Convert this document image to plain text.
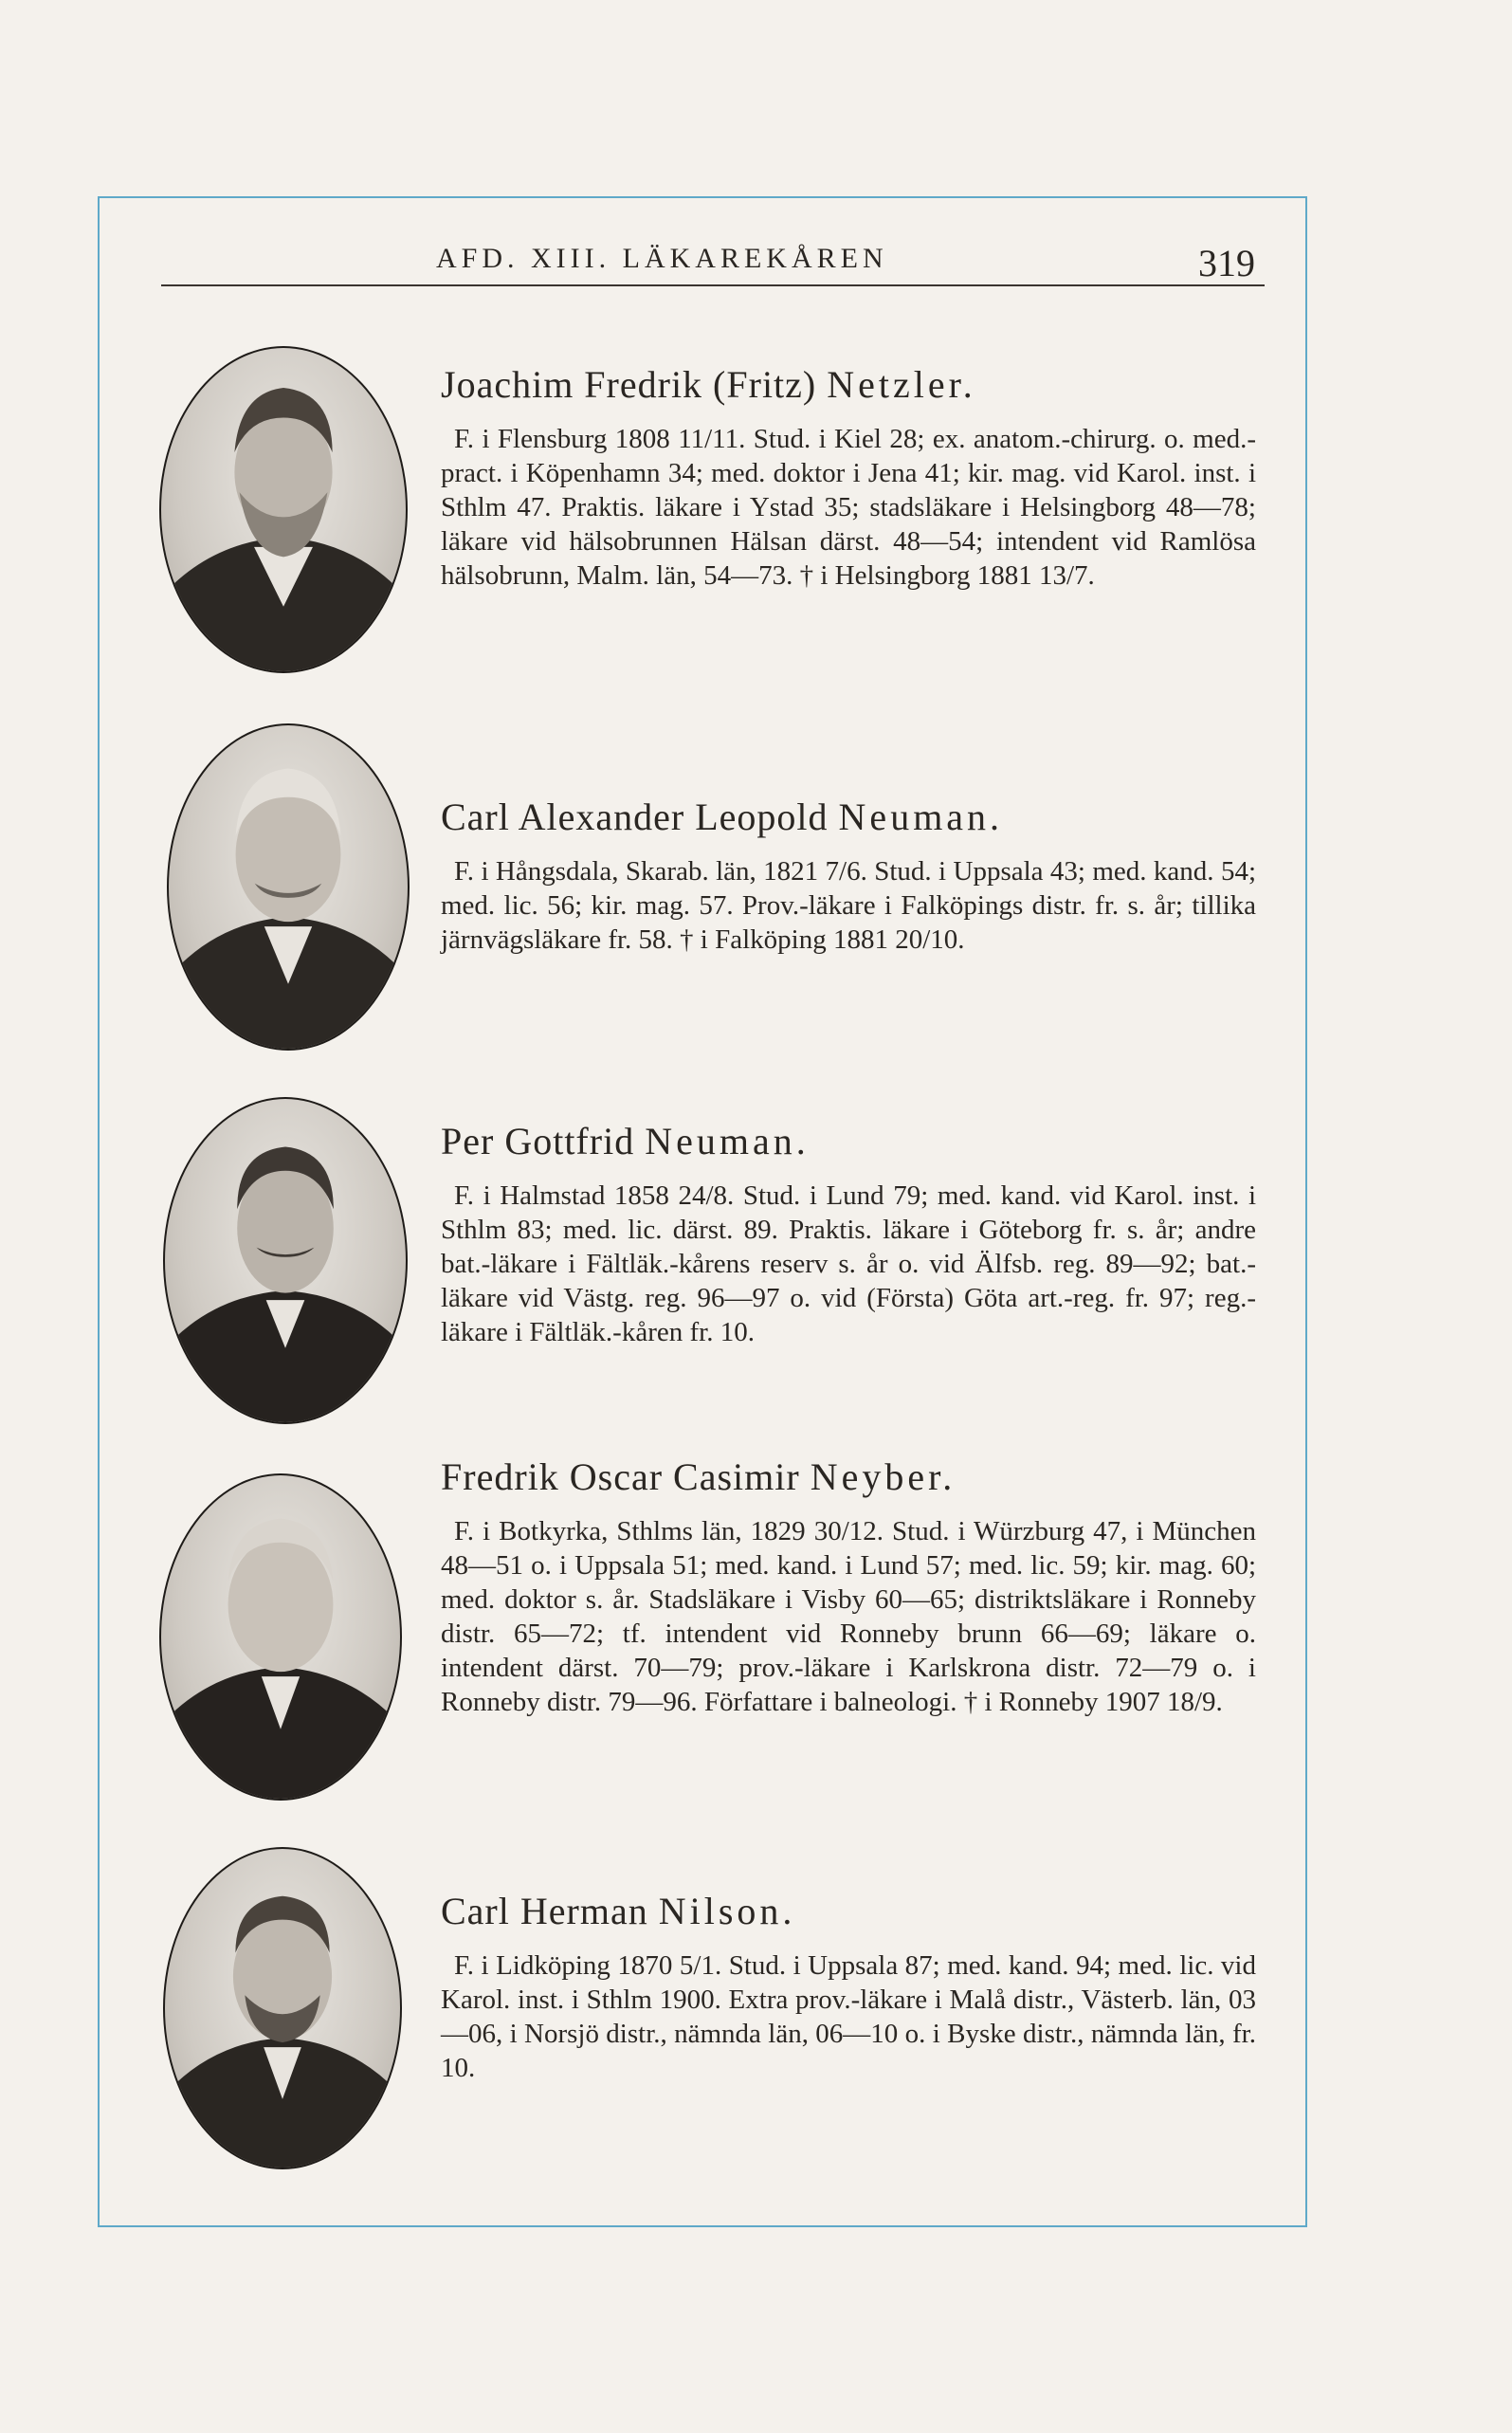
AFD. XIII. LÄKAREKÅREN	319

Joachim Fredrik (Fritz) Netzler.

F. i Flensburg 1808 11/11. Stud. i Kiel 28; ex. anatom.-chirurg. o. med.-pract. i Köpenhamn 34; med. doktor i Jena 41; kir. mag. vid Karol. inst. i Sthlm 47. Praktis. läkare i Ystad 35; stadsläkare i Helsingborg 48—78; läkare vid hälsobrunnen Hälsan därst. 48—54; intendent vid Ramlösa hälsobrunn, Malm. län, 54—73. † i Helsingborg 1881 13/7.

Carl Alexander Leopold Neuman.

F. i Hångsdala, Skarab. län, 1821 7/6. Stud. i Uppsala 43; med. kand. 54; med. lic. 56; kir. mag. 57. Prov.-läkare i Falköpings distr. fr. s. år; tillika järnvägsläkare fr. 58. † i Falköping 1881 20/10.

Per Gottfrid Neuman.

F. i Halmstad 1858 24/8. Stud. i Lund 79; med. kand. vid Karol. inst. i Sthlm 83; med. lic. därst. 89. Praktis. läkare i Göteborg fr. s. år; andre bat.-läkare i Fältläk.-kårens reserv s. år o. vid Älfsb. reg. 89—92; bat.-läkare vid Västg. reg. 96—97 o. vid (Första) Göta art.-reg. fr. 97; reg.-läkare i Fältläk.-kåren fr. 10.

Fredrik Oscar Casimir Neyber.

F. i Botkyrka, Sthlms län, 1829 30/12. Stud. i Würzburg 47, i München 48—51 o. i Uppsala 51; med. kand. i Lund 57; med. lic. 59; kir. mag. 60; med. doktor s. år. Stadsläkare i Visby 60—65; distriktsläkare i Ronneby distr. 65—72; tf. intendent vid Ronneby brunn 66—69; läkare o. intendent därst. 70—79; prov.-läkare i Karlskrona distr. 72—79 o. i Ronneby distr. 79—96. Författare i balneologi. † i Ronneby 1907 18/9.

Carl Herman Nilson.

F. i Lidköping 1870 5/1. Stud. i Uppsala 87; med. kand. 94; med. lic. vid Karol. inst. i Sthlm 1900. Extra prov.-läkare i Malå distr., Västerb. län, 03—06, i Norsjö distr., nämnda län, 06—10 o. i Byske distr., nämnda län, fr. 10.
